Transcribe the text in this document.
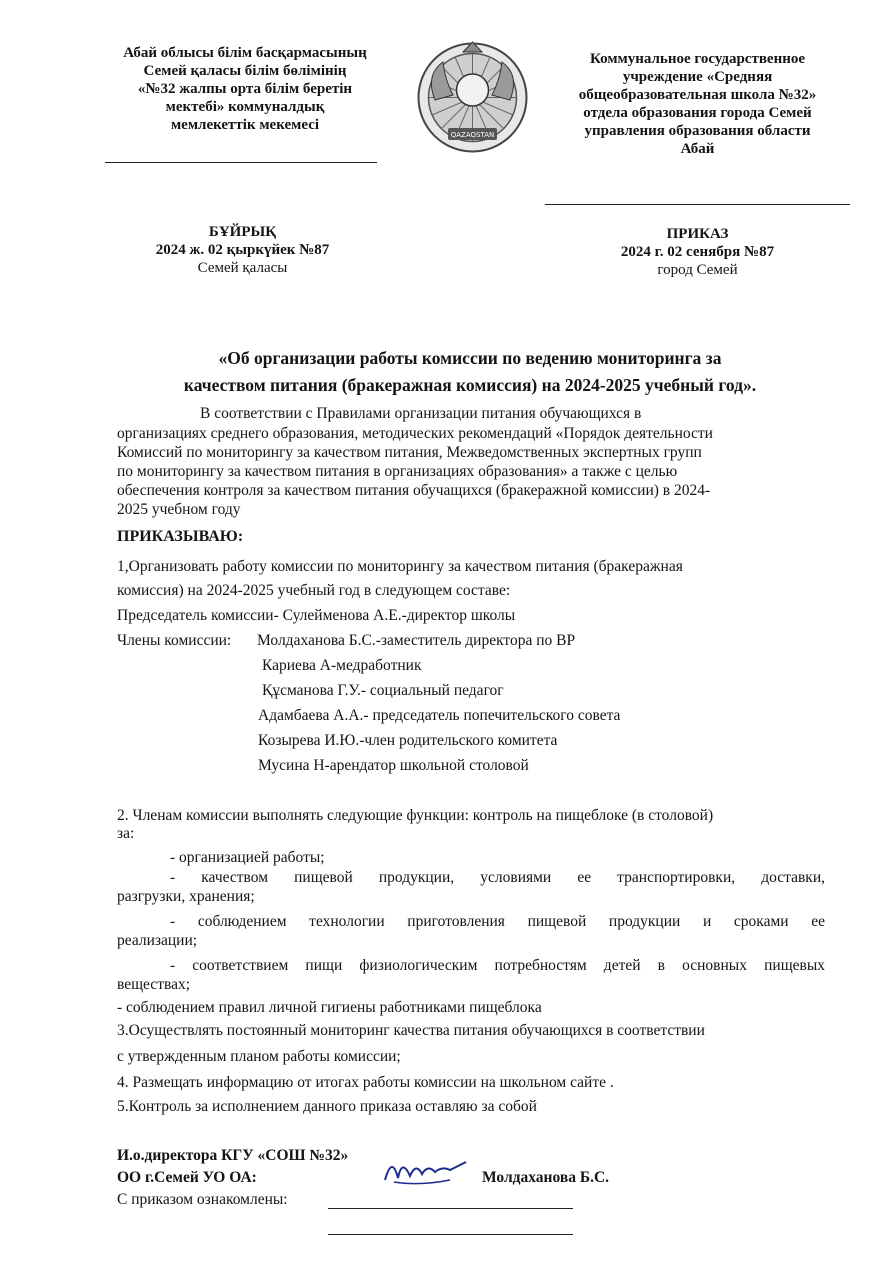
Абай облысы білім басқармасының
Семей қаласы білім бөлімінің
«№32 жалпы орта білім беретін
мектебі» коммуналдық
мемлекеттік мекемесі
QAZAQSTAN
Коммунальное государственное
учреждение «Средняя
общеобразовательная школа №32»
отдела образования города Семей
управления образования области
Абай
БҰЙРЫҚ
2024 ж. 02 қыркүйек №87
Семей қаласы
ПРИКАЗ
2024 г. 02 сенября №87
город Семей
«Об организации работы комиссии по ведению мониторинга за
качеством питания (бракеражная комиссия) на 2024-2025 учебный год».
В соответствии с Правилами организации питания обучающихся в
организациях среднего образования, методических рекомендаций «Порядок деятельности
Комиссий по мониторингу за качеством питания, Межведомственных экспертных групп
по мониторингу за качеством питания в организациях образования» а также с целью
обеспечения контроля за качеством питания обучащихся (бракеражной комиссии) в 2024-
2025 учебном году
ПРИКАЗЫВАЮ:
1,Организовать работу комиссии по мониторингу за качеством питания (бракеражная
комиссия) на 2024-2025 учебный год в следующем составе:
Председатель комиссии- Сулейменова А.Е.-директор школы
Члены комиссии: Молдаханова Б.С.-заместитель директора по ВР
Кариева А-медработник
Құсманова Г.У.- социальный педагог
Адамбаева А.А.- председатель попечительского совета
Козырева И.Ю.-член родительского комитета
Мусина Н-арендатор школьной столовой
2. Членам комиссии выполнять следующие функции: контроль на пищеблоке (в столовой)
за:
- организацией работы;
- качеством пищевой продукции, условиями ее транспортировки, доставки,
разгрузки, хранения;
- соблюдением технологии приготовления пищевой продукции и сроками ее
реализации;
- соответствием пищи физиологическим потребностям детей в основных пищевых
веществах;
- соблюдением правил личной гигиены работниками пищеблока
3.Осуществлять постоянный мониторинг качества питания обучающихся в соответствии
с утвержденным планом работы комиссии;
4. Размещать информацию от итогах работы комиссии на школьном сайте .
5.Контроль за исполнением данного приказа оставляю за собой
И.о.директора КГУ «СОШ №32»
ОО г.Семей УО ОА:	Молдаханова Б.С.
С приказом ознакомлены:
